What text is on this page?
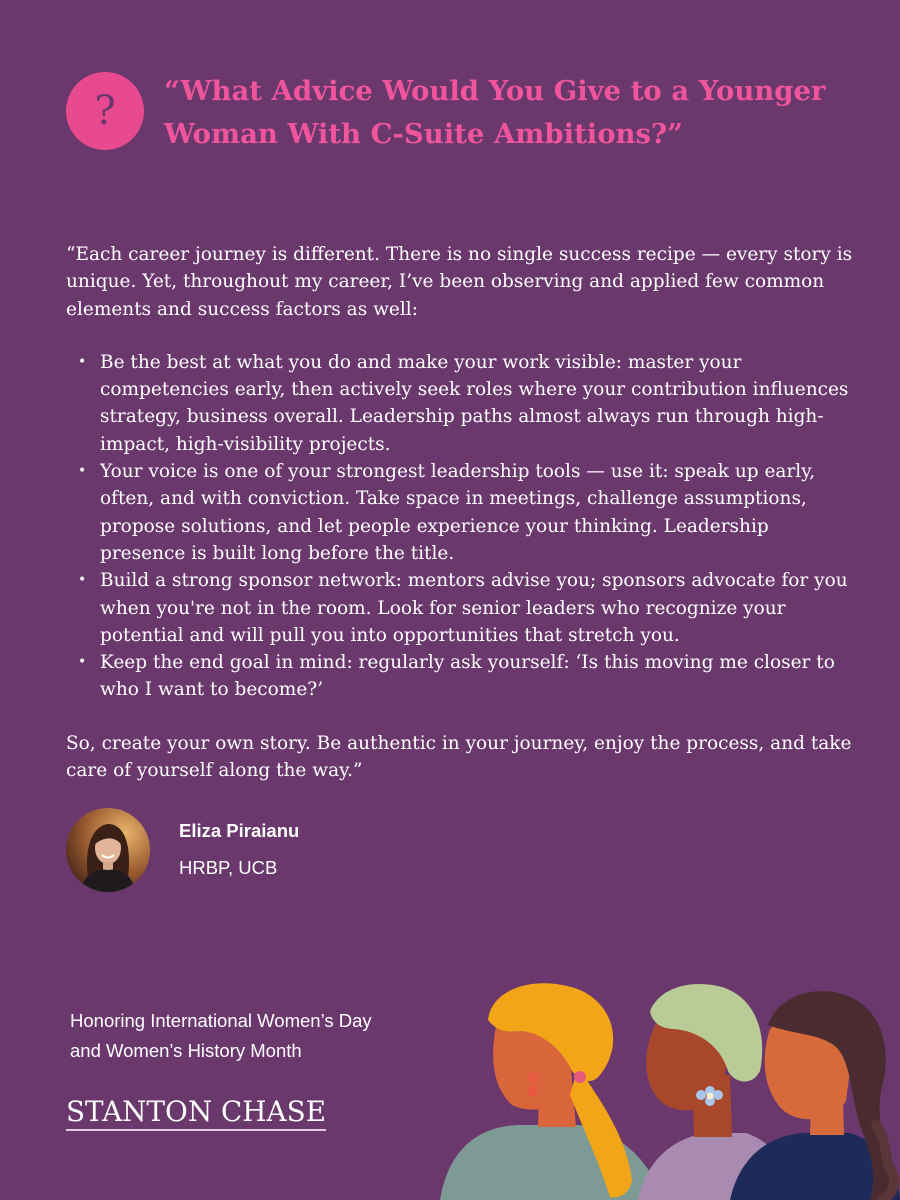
? “What Advice Would You Give to a Younger Woman With C-Suite Ambitions?”

“Each career journey is different. There is no single success recipe — every story is unique. Yet, throughout my career, I’ve been observing and applied few common elements and success factors as well:

• Be the best at what you do and make your work visible: master your competencies early, then actively seek roles where your contribution influences strategy, business overall. Leadership paths almost always run through high-impact, high-visibility projects.
• Your voice is one of your strongest leadership tools — use it: speak up early, often, and with conviction. Take space in meetings, challenge assumptions, propose solutions, and let people experience your thinking. Leadership presence is built long before the title.
• Build a strong sponsor network: mentors advise you; sponsors advocate for you when you're not in the room. Look for senior leaders who recognize your potential and will pull you into opportunities that stretch you.
• Keep the end goal in mind: regularly ask yourself: ‘Is this moving me closer to who I want to become?’

So, create your own story. Be authentic in your journey, enjoy the process, and take care of yourself along the way.”

Eliza Piraianu
HRBP, UCB
Honoring International Women’s Day
and Women’s History Month
STANTON CHASE
